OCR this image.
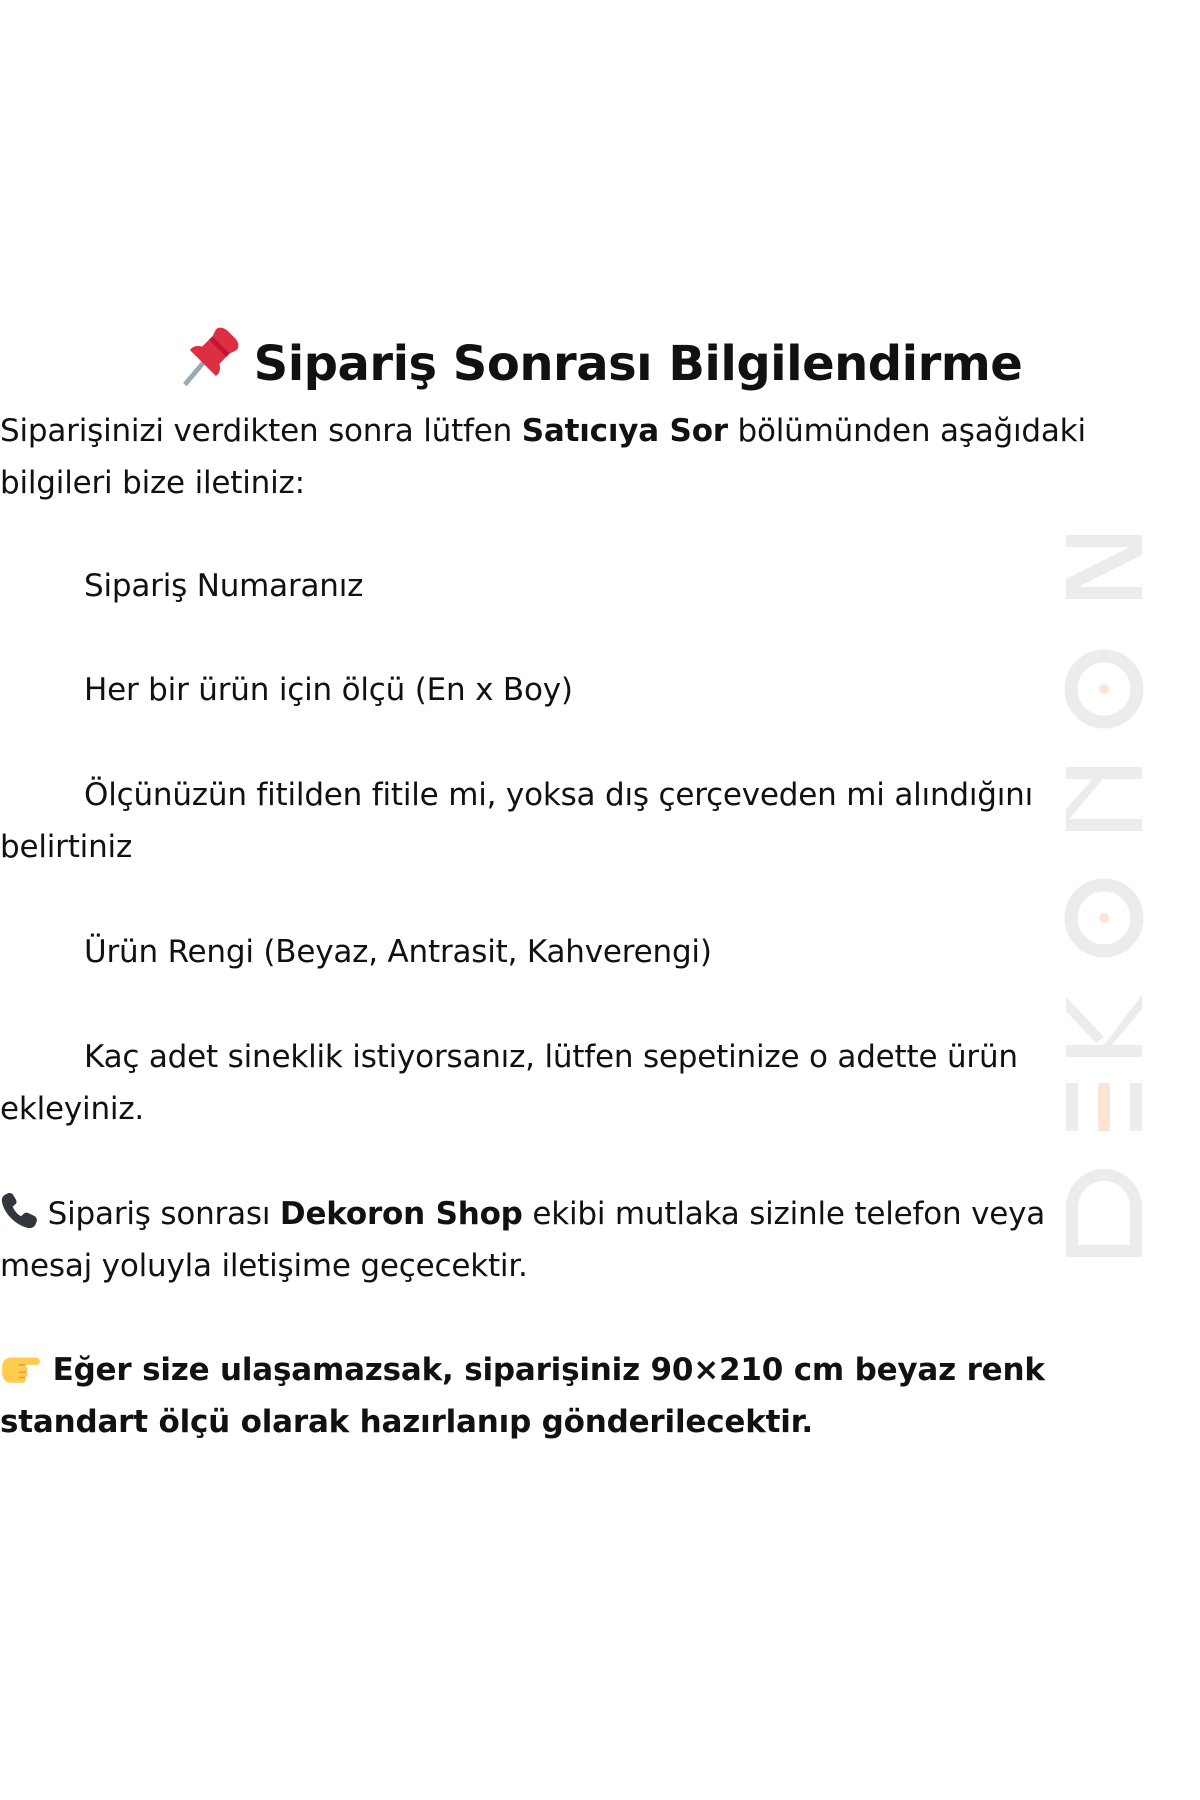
Sipariş Sonrası Bilgilendirme

Siparişinizi verdikten sonra lütfen Satıcıya Sor bölümünden aşağıdaki bilgileri bize iletiniz:

Sipariş Numaranız

Her bir ürün için ölçü (En x Boy)

Ölçünüzün fitilden fitile mi, yoksa dış çerçeveden mi alındığını belirtiniz

Ürün Rengi (Beyaz, Antrasit, Kahverengi)

Kaç adet sineklik istiyorsanız, lütfen sepetinize o adette ürün ekleyiniz.

Sipariş sonrası Dekoron Shop ekibi mutlaka sizinle telefon veya mesaj yoluyla iletişime geçecektir.

Eğer size ulaşamazsak, siparişiniz 90×210 cm beyaz renk standart ölçü olarak hazırlanıp gönderilecektir.
